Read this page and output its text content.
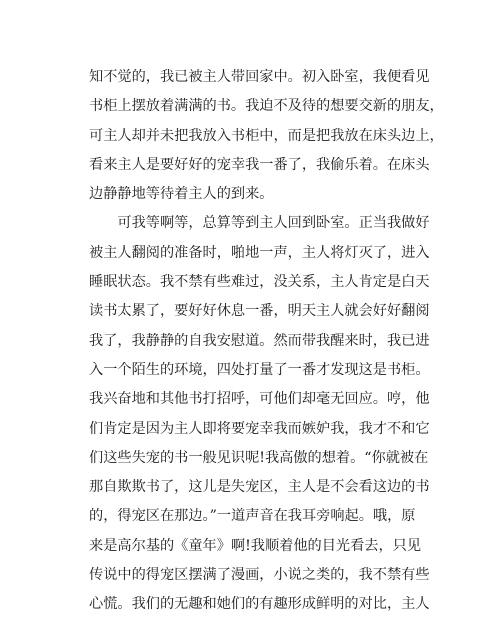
知不觉的，我已被主人带回家中。初入卧室，我便看见
书柜上摆放着满满的书。我迫不及待的想要交新的朋友，
可主人却并未把我放入书柜中，而是把我放在床头边上，
看来主人是要好好的宠幸我一番了，我偷乐着。在床头
边静静地等待着主人的到来。
　　可我等啊等，总算等到主人回到卧室。正当我做好
被主人翻阅的准备时，啪地一声，主人将灯灭了，进入
睡眠状态。我不禁有些难过，没关系，主人肯定是白天
读书太累了，要好好休息一番，明天主人就会好好翻阅
我了，我静静的自我安慰道。然而带我醒来时，我已进
入一个陌生的环境，四处打量了一番才发现这是书柜。
我兴奋地和其他书打招呼，可他们却毫无回应。哼，他
们肯定是因为主人即将要宠幸我而嫉妒我，我才不和它
们这些失宠的书一般见识呢!我高傲的想着。“你就被在
那自欺欺书了，这儿是失宠区，主人是不会看这边的书
的，得宠区在那边。”一道声音在我耳旁响起。哦，原
来是高尔基的《童年》啊!我顺着他的目光看去，只见
传说中的得宠区摆满了漫画，小说之类的，我不禁有些
心慌。我们的无趣和她们的有趣形成鲜明的对比，主人
